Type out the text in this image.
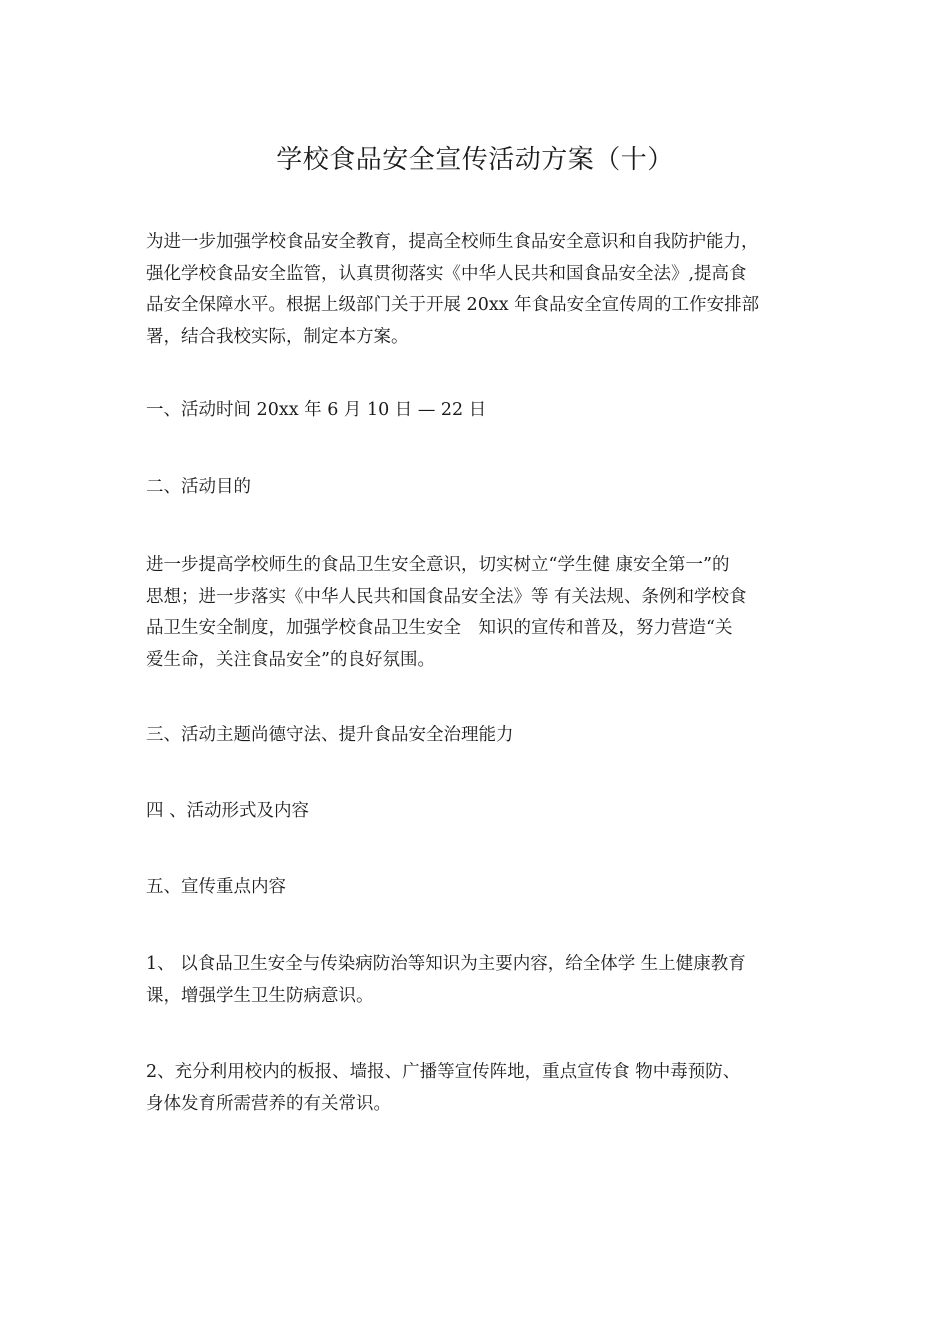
学校食品安全宣传活动方案（十）

为进一步加强学校食品安全教育，提高全校师生食品安全意识和自我防护能力，
强化学校食品安全监管，认真贯彻落实《中华人民共和国食品安全法》,提高食
品安全保障水平。根据上级部门关于开展 20xx 年食品安全宣传周的工作安排部
署，结合我校实际，制定本方案。

一、活动时间 20xx 年 6 月 10 日 — 22 日

二、活动目的

进一步提高学校师生的食品卫生安全意识，切实树立“学生健 康安全第一”的
思想；进一步落实《中华人民共和国食品安全法》等 有关法规、条例和学校食
品卫生安全制度，加强学校食品卫生安全　知识的宣传和普及，努力营造“关
爱生命，关注食品安全”的良好氛围。

三、活动主题尚德守法、提升食品安全治理能力

四 、活动形式及内容

五、宣传重点内容

1、 以食品卫生安全与传染病防治等知识为主要内容，给全体学 生上健康教育
课，增强学生卫生防病意识。

2、充分利用校内的板报、墙报、广播等宣传阵地，重点宣传食 物中毒预防、
身体发育所需营养的有关常识。
